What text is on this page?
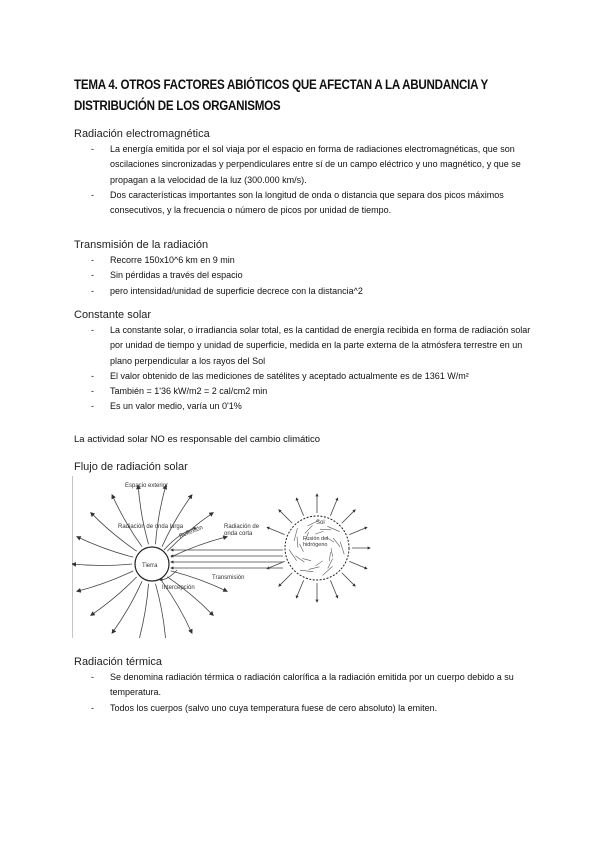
TEMA 4. OTROS FACTORES ABIÓTICOS QUE AFECTAN A LA ABUNDANCIA Y DISTRIBUCIÓN DE LOS ORGANISMOS
Radiación electromagnética
- La energía emitida por el sol viaja por el espacio en forma de radiaciones electromagnéticas, que son oscilaciones sincronizadas y perpendiculares entre sí de un campo eléctrico y uno magnético, y que se propagan a la velocidad de la luz (300.000 km/s).
- Dos características importantes son la longitud de onda o distancia que separa dos picos máximos consecutivos, y la frecuencia o número de picos por unidad de tiempo.
Transmisión de la radiación
- Recorre 150x10^6 km en 9 min
- Sin pérdidas a través del espacio
- pero intensidad/unidad de superficie decrece con la distancia^2
Constante solar
- La constante solar, o irradiancia solar total, es la cantidad de energía recibida en forma de radiación solar por unidad de tiempo y unidad de superficie, medida en la parte externa de la atmósfera terrestre en un plano perpendicular a los rayos del Sol
- El valor obtenido de las mediciones de satélites y aceptado actualmente es de 1361 W/m²
- También = 1'36 kW/m2 = 2 cal/cm2 min
- Es un valor medio, varía un 0'1%
La actividad solar NO es responsable del cambio climático
Flujo de radiación solar
Tierra
Fusión del
hidrógeno
Espacio exterior
Radiación de onda larga
Reflexión	Radiación de
onda corta
Sol
Transmisión
Intercepción
Radiación térmica
- Se denomina radiación térmica o radiación calorífica a la radiación emitida por un cuerpo debido a su temperatura.
- Todos los cuerpos (salvo uno cuya temperatura fuese de cero absoluto) la emiten.
